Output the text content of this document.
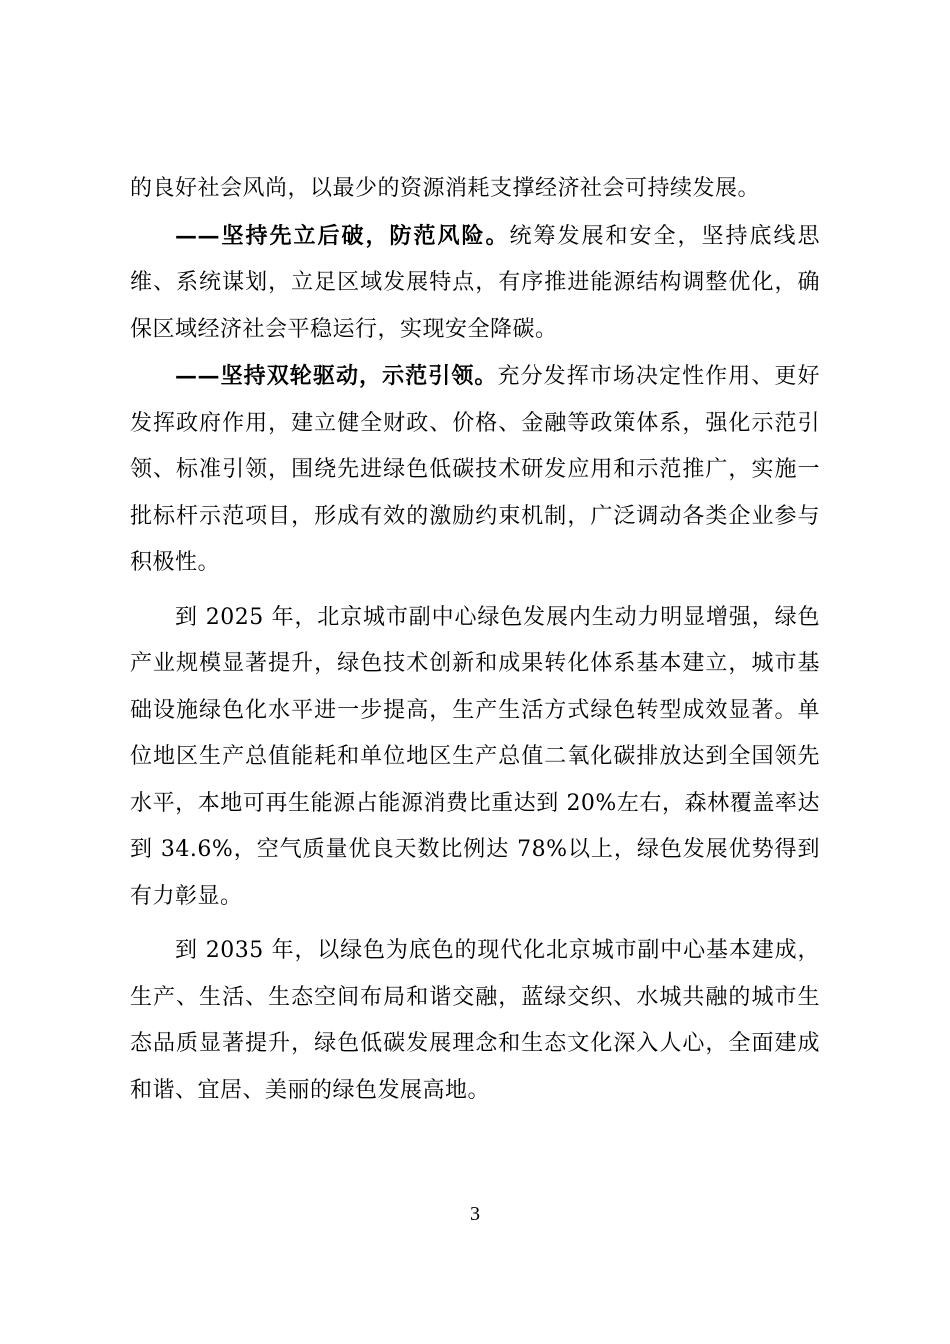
的良好社会风尚，以最少的资源消耗支撑经济社会可持续发展。

——坚持先立后破，防范风险。统筹发展和安全，坚持底线思维、系统谋划，立足区域发展特点，有序推进能源结构调整优化，确保区域经济社会平稳运行，实现安全降碳。

——坚持双轮驱动，示范引领。充分发挥市场决定性作用、更好发挥政府作用，建立健全财政、价格、金融等政策体系，强化示范引领、标准引领，围绕先进绿色低碳技术研发应用和示范推广，实施一批标杆示范项目，形成有效的激励约束机制，广泛调动各类企业参与积极性。

到 2025 年，北京城市副中心绿色发展内生动力明显增强，绿色产业规模显著提升，绿色技术创新和成果转化体系基本建立，城市基础设施绿色化水平进一步提高，生产生活方式绿色转型成效显著。单位地区生产总值能耗和单位地区生产总值二氧化碳排放达到全国领先水平，本地可再生能源占能源消费比重达到 20%左右，森林覆盖率达到 34.6%，空气质量优良天数比例达 78%以上，绿色发展优势得到有力彰显。

到 2035 年，以绿色为底色的现代化北京城市副中心基本建成，生产、生活、生态空间布局和谐交融，蓝绿交织、水城共融的城市生态品质显著提升，绿色低碳发展理念和生态文化深入人心，全面建成和谐、宜居、美丽的绿色发展高地。

3
